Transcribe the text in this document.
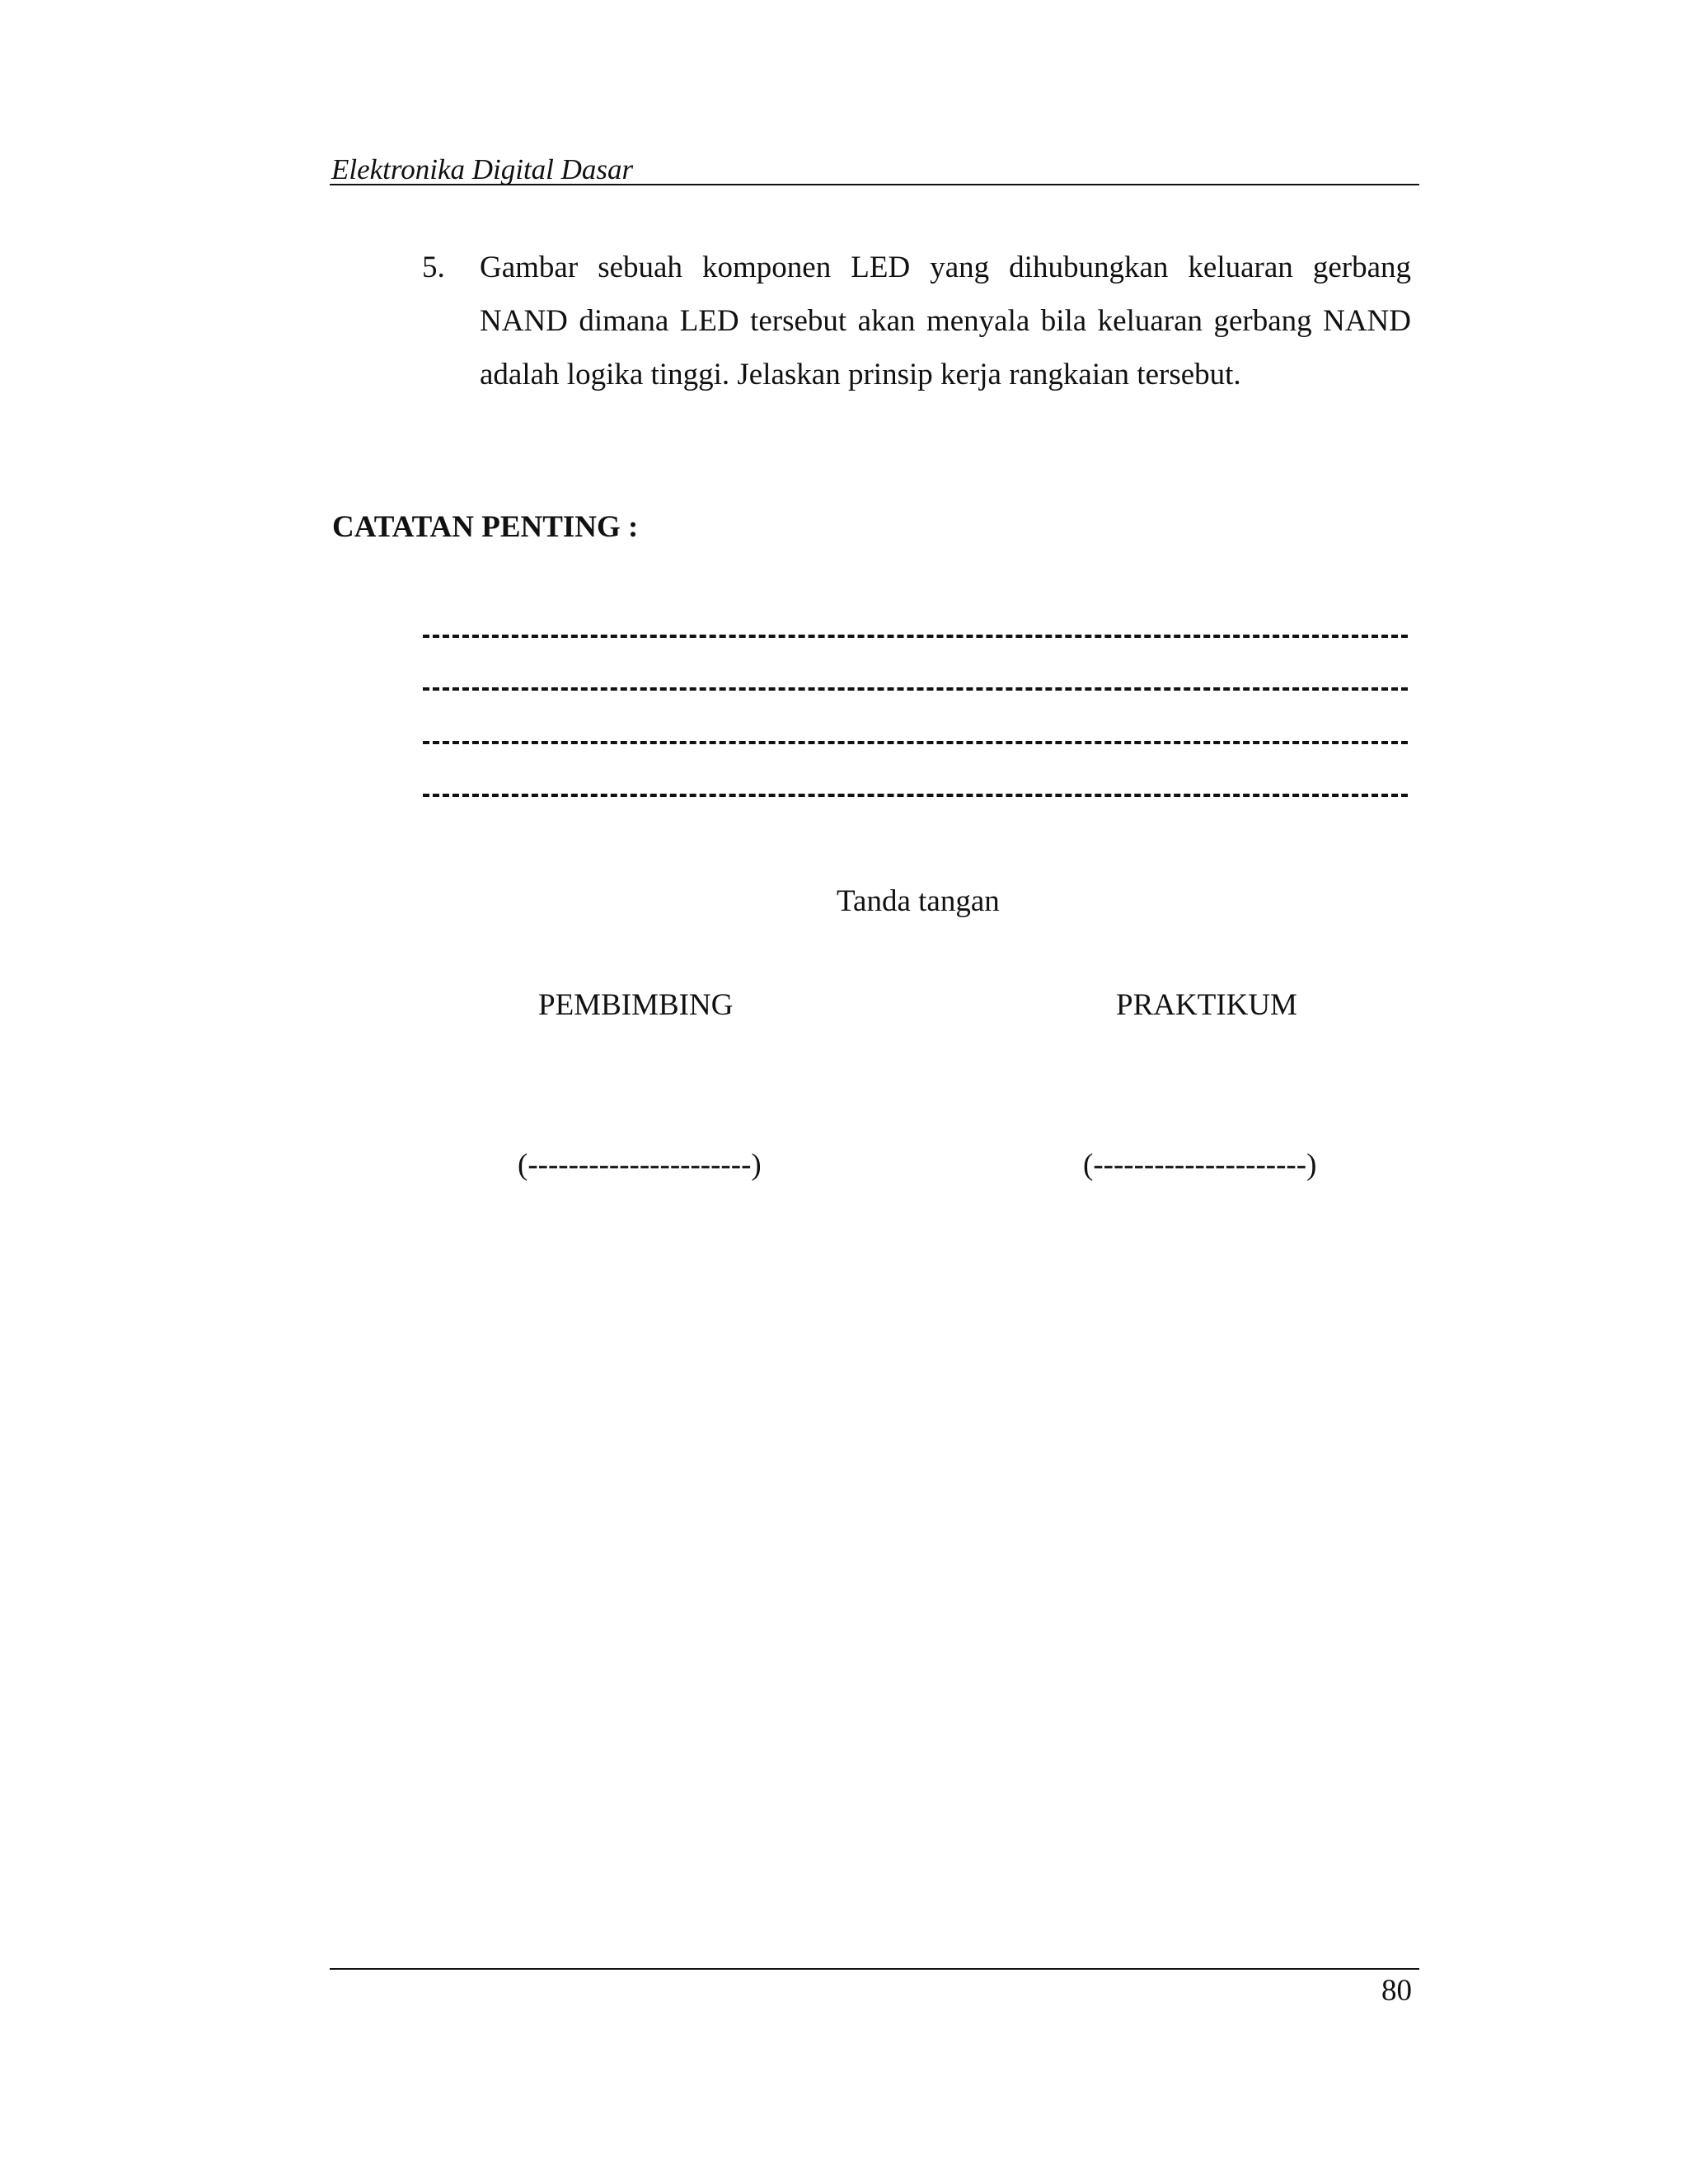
Elektronika Digital Dasar
5. Gambar sebuah komponen LED yang dihubungkan keluaran gerbang NAND dimana LED tersebut akan menyala bila keluaran gerbang NAND adalah logika tinggi. Jelaskan prinsip kerja rangkaian tersebut.
CATATAN PENTING :
Tanda tangan
PEMBIMBING	PRAKTIKUM
(----------------------)	(---------------------)
80
